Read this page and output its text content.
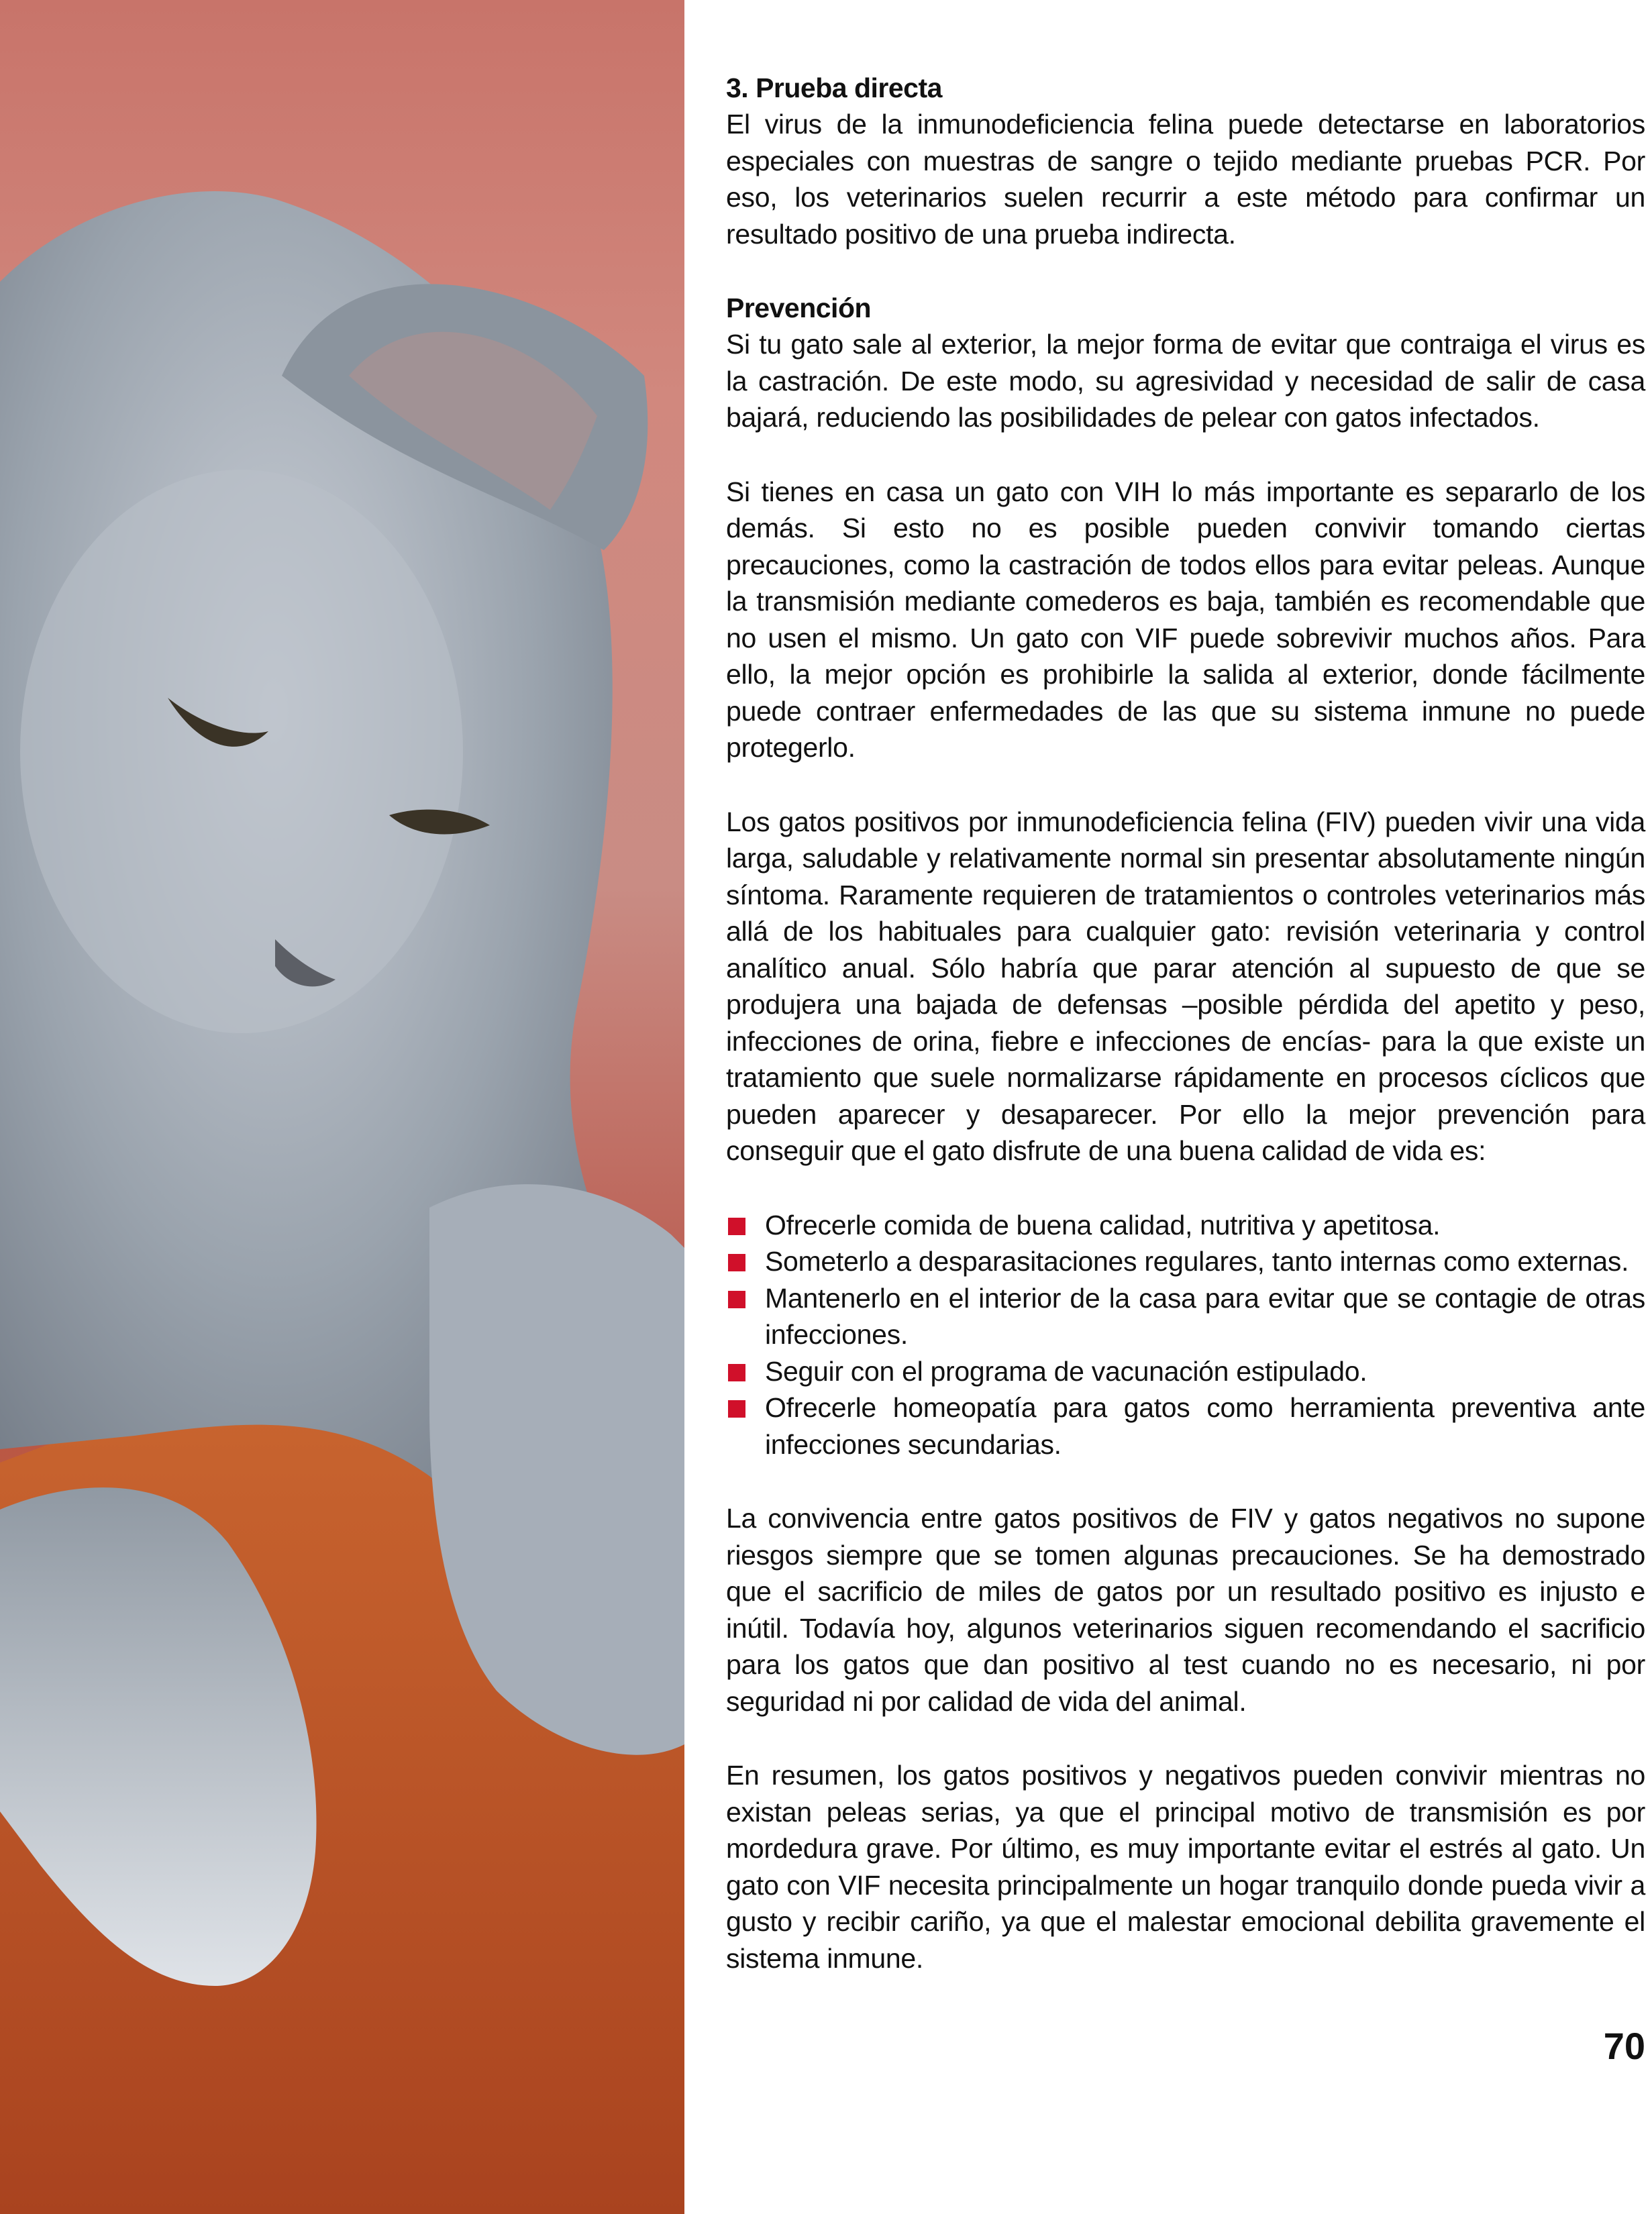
3. Prueba directa

El virus de la inmunodeficiencia felina puede detectarse en laboratorios especiales con muestras de sangre o tejido mediante pruebas PCR. Por eso, los veterinarios suelen recurrir a este método para confirmar un resultado positivo de una prueba indirecta.

Prevención

Si tu gato sale al exterior, la mejor forma de evitar que contraiga el virus es la castración. De este modo, su agresividad y necesidad de salir de casa bajará, reduciendo las posibilidades de pelear con gatos infectados.

Si tienes en casa un gato con VIH lo más importante es separarlo de los demás. Si esto no es posible pueden convivir tomando ciertas precauciones, como la castración de todos ellos para evitar peleas. Aunque la transmisión mediante comederos es baja, también es recomendable que no usen el mismo. Un gato con VIF puede sobrevivir muchos años. Para ello, la mejor opción es prohibirle la salida al exterior, donde fácilmente puede contraer enfermedades de las que su sistema inmune no puede protegerlo.

Los gatos positivos por inmunodeficiencia felina (FIV) pueden vivir una vida larga, saludable y relativamente normal sin presentar absolutamente ningún síntoma. Raramente requieren de tratamientos o controles veterinarios más allá de los habituales para cualquier gato: revisión veterinaria y control analítico anual. Sólo habría que parar atención al supuesto de que se produjera una bajada de defensas –posible pérdida del apetito y peso, infecciones de orina, fiebre e infecciones de encías- para la que existe un tratamiento que suele normalizarse rápidamente en procesos cíclicos que pueden aparecer y desaparecer. Por ello la mejor prevención para conseguir que el gato disfrute de una buena calidad de vida es:

Ofrecerle comida de buena calidad, nutritiva y apetitosa.
Someterlo a desparasitaciones regulares, tanto internas como externas.
Mantenerlo en el interior de la casa para evitar que se contagie de otras infecciones.
Seguir con el programa de vacunación estipulado.
Ofrecerle homeopatía para gatos como herramienta preventiva ante infecciones secundarias.

La convivencia entre gatos positivos de FIV y gatos negativos no supone riesgos siempre que se tomen algunas precauciones. Se ha demostrado que el sacrificio de miles de gatos por un resultado positivo es injusto e inútil. Todavía hoy, algunos veterinarios siguen recomendando el sacrificio para los gatos que dan positivo al test cuando no es necesario, ni por seguridad ni por calidad de vida del animal.

En resumen, los gatos positivos y negativos pueden convivir mientras no existan peleas serias, ya que el principal motivo de transmisión es por mordedura grave. Por último, es muy importante evitar el estrés al gato. Un gato con VIF necesita principalmente un hogar tranquilo donde pueda vivir a gusto y recibir cariño, ya que el malestar emocional debilita gravemente el sistema inmune.

70
